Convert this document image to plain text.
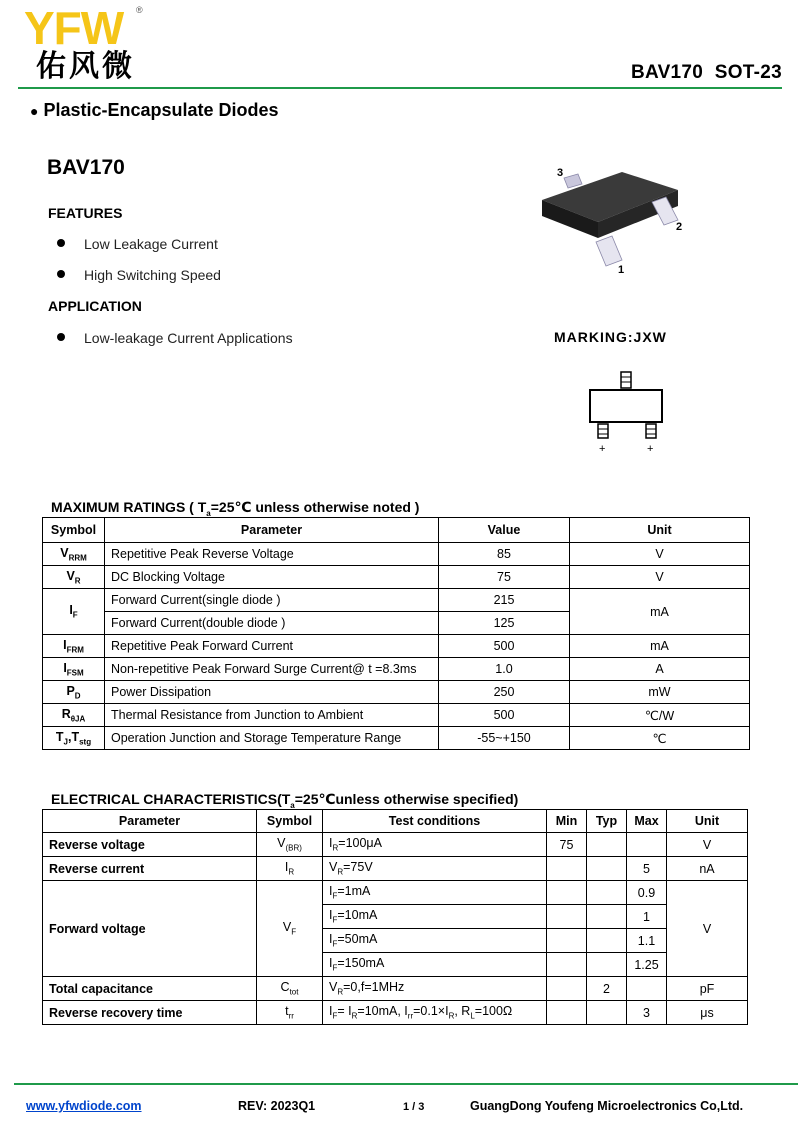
YFW ®
佑风微	BAV170 SOT-23
● Plastic-Encapsulate Diodes
BAV170
FEATURES
Low Leakage Current
High Switching Speed
APPLICATION
Low-leakage Current Applications
3
2
1
MARKING:JXW
+	+
MAXIMUM RATINGS ( $T_a=25℃$ unless otherwise noted )
Symbol	Parameter	Value	Unit
$V_{RRM}$	Repetitive Peak Reverse Voltage	85	V
$V_R$	DC Blocking Voltage	75	V
$I_F$	Forward Current(single diode )	215	mA
	Forward Current(double diode )	125	
$I_{FRM}$	Repetitive Peak Forward Current	500	mA
$I_{FSM}$	Non-repetitive Peak Forward Surge Current@ t =8.3ms	1.0	A
$P_D$	Power Dissipation	250	mW
$R_{\theta JA}$	Thermal Resistance from Junction to Ambient	500	℃/W
$T_J,T_{stg}$	Operation Junction and Storage Temperature Range	-55~+150	℃
ELECTRICAL $CHARACTERISTICS(T_a=25℃unless$ otherwise specified)
Parameter	Symbol	Test conditions	Min	Typ	Max	Unit
Reverse voltage	$V_{(BR)}$	$I_R=100\mu A$	75			V
Reverse current	$I_R$	$V_R=75V$			5	nA
Forward voltage	$V_F$	$I_F=1mA$			0.9	V
		$I_F=10mA$			1	
		$I_F=50mA$			1.1	
		$I_F=150mA$			1.25	
Total capacitance	$C_{tot}$	$V_R=0,f=1MHz$		2		pF
Reverse recovery time	$t_{rr}$	$I_F= I_R=10mA$, $I_{rr}=0.1\times I_R$, $R_L=100\Omega$			3	μs
www.yfwdiode.com	REV: 2023Q1	1 / 3	GuangDong Youfeng Microelectronics Co,Ltd.
